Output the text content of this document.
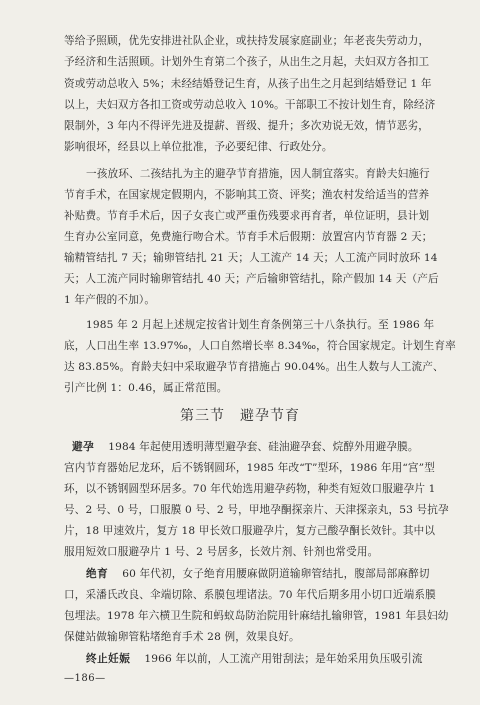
等给予照顾，优先安排进社队企业，或扶持发展家庭副业；年老丧失劳动力，
予经济和生活照顾。计划外生育第二个孩子，从出生之月起，夫妇双方各扣工
资或劳动总收入 5%；未经结婚登记生育，从孩子出生之月起到结婚登记 1 年
以上，夫妇双方各扣工资或劳动总收入 10%。干部职工不按计划生育，除经济
限制外，3 年内不得评先进及提薪、晋级、提升；多次劝说无效，情节恶劣，
影响很坏，经县以上单位批准，予必要纪律、行政处分。
一孩放环、二孩结扎为主的避孕节育措施，因人制宜落实。育龄夫妇施行
节育手术，在国家规定假期内，不影响其工资、评奖；渔农村发给适当的营养
补贴费。节育手术后，因子女丧亡或严重伤残要求再育者，单位证明，县计划
生育办公室同意，免费施行吻合术。节育手术后假期：放置宫内节育器 2 天；
输精管结扎 7 天；输卵管结扎 21 天；人工流产 14 天；人工流产同时放环 14
天；人工流产同时输卵管结扎 40 天；产后输卵管结扎，除产假加 14 天（产后
1 年产假的不加）。
1985 年 2 月起上述规定按省计划生育条例第三十八条执行。至 1986 年
底，人口出生率 13.97‰，人口自然增长率 8.34‰，符合国家规定。计划生育率
达 83.85%。育龄夫妇中采取避孕节育措施占 90.04%。出生人数与人工流产、
引产比例 1：0.46，属正常范围。
第三节　避孕节育
避孕 1984 年起使用透明薄型避孕套、硅油避孕套、烷醇外用避孕膜。
宫内节育器始尼龙环，后不锈钢圆环，1985 年改“T”型环，1986 年用“宫”型
环，以不锈钢圆型环居多。70 年代始选用避孕药物，种类有短效口服避孕片 1
号、2 号、0 号，口服膜 0 号、2 号，甲地孕酮探亲片、天津探亲丸，53 号抗孕
片，18 甲速效片，复方 18 甲长效口服避孕片，复方己酸孕酮长效针。其中以
服用短效口服避孕片 1 号、2 号居多，长效片剂、针剂也常受用。
绝育 60 年代初，女子绝育用腰麻做阴道输卵管结扎，腹部局部麻醉切
口，采潘氏改良、伞端切除、系膜包埋诸法。70 年代后期多用小切口近端系膜
包埋法。1978 年六横卫生院和蚂蚁岛防治院用针麻结扎输卵管，1981 年县妇幼
保健站做输卵管粘堵绝育手术 28 例，效果良好。
终止妊娠 1966 年以前，人工流产用钳刮法；是年始采用负压吸引流
—186—
